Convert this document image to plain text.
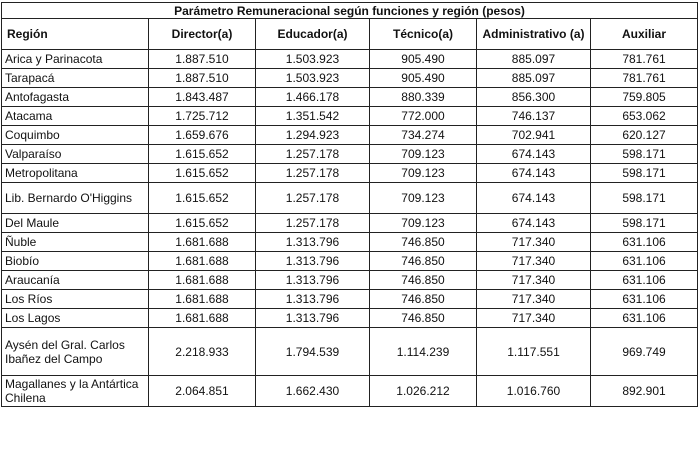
Parámetro Remuneracional según funciones y región (pesos)					
Región	Director(a)	Educador(a)	Técnico(a)	Administrativo (a)	Auxiliar
Arica y Parinacota	1.887.510	1.503.923	905.490	885.097	781.761
Tarapacá	1.887.510	1.503.923	905.490	885.097	781.761
Antofagasta	1.843.487	1.466.178	880.339	856.300	759.805
Atacama	1.725.712	1.351.542	772.000	746.137	653.062
Coquimbo	1.659.676	1.294.923	734.274	702.941	620.127
Valparaíso	1.615.652	1.257.178	709.123	674.143	598.171
Metropolitana	1.615.652	1.257.178	709.123	674.143	598.171
Lib. Bernardo O'Higgins	1.615.652	1.257.178	709.123	674.143	598.171
Del Maule	1.615.652	1.257.178	709.123	674.143	598.171
Ñuble	1.681.688	1.313.796	746.850	717.340	631.106
Biobío	1.681.688	1.313.796	746.850	717.340	631.106
Araucanía	1.681.688	1.313.796	746.850	717.340	631.106
Los Ríos	1.681.688	1.313.796	746.850	717.340	631.106
Los Lagos	1.681.688	1.313.796	746.850	717.340	631.106
Aysén del Gral. Carlos Ibañez del Campo	2.218.933	1.794.539	1.114.239	1.117.551	969.749
Magallanes y la Antártica Chilena	2.064.851	1.662.430	1.026.212	1.016.760	892.901
